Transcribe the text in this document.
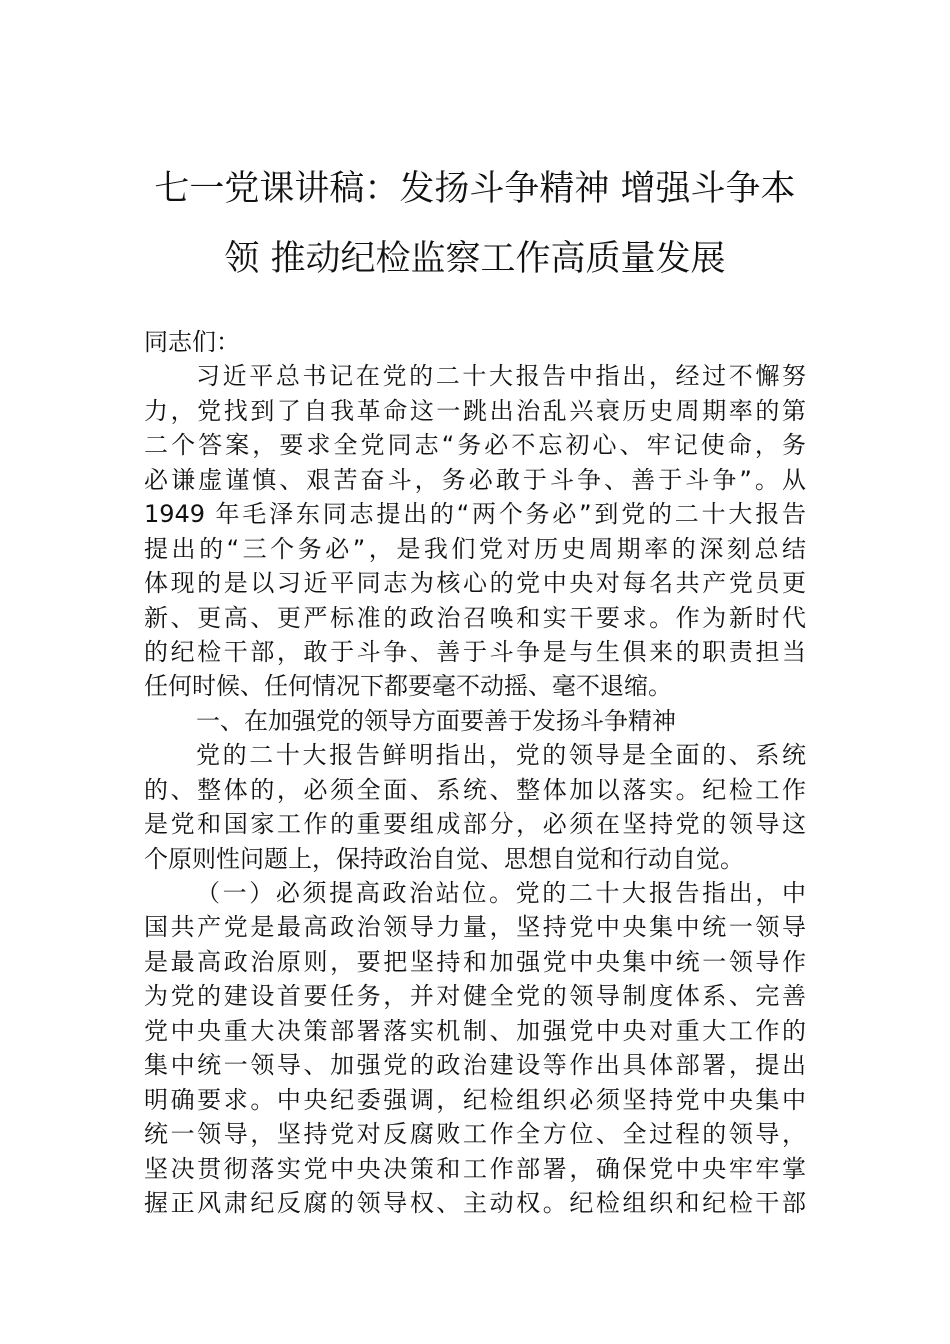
七一党课讲稿：发扬斗争精神 增强斗争本
领 推动纪检监察工作高质量发展
同志们：
习近平总书记在党的二十大报告中指出，经过不懈努
力，党找到了自我革命这一跳出治乱兴衰历史周期率的第
二个答案，要求全党同志“务必不忘初心、牢记使命，务
必谦虚谨慎、艰苦奋斗，务必敢于斗争、善于斗争”。从
1949 年毛泽东同志提出的“两个务必”到党的二十大报告
提出的“三个务必”，是我们党对历史周期率的深刻总结
体现的是以习近平同志为核心的党中央对每名共产党员更
新、更高、更严标准的政治召唤和实干要求。作为新时代
的纪检干部，敢于斗争、善于斗争是与生俱来的职责担当
任何时候、任何情况下都要毫不动摇、毫不退缩。
一、在加强党的领导方面要善于发扬斗争精神
党的二十大报告鲜明指出，党的领导是全面的、系统
的、整体的，必须全面、系统、整体加以落实。纪检工作
是党和国家工作的重要组成部分，必须在坚持党的领导这
个原则性问题上，保持政治自觉、思想自觉和行动自觉。
（一）必须提高政治站位。党的二十大报告指出，中
国共产党是最高政治领导力量，坚持党中央集中统一领导
是最高政治原则，要把坚持和加强党中央集中统一领导作
为党的建设首要任务，并对健全党的领导制度体系、完善
党中央重大决策部署落实机制、加强党中央对重大工作的
集中统一领导、加强党的政治建设等作出具体部署，提出
明确要求。中央纪委强调，纪检组织必须坚持党中央集中
统一领导，坚持党对反腐败工作全方位、全过程的领导，
坚决贯彻落实党中央决策和工作部署，确保党中央牢牢掌
握正风肃纪反腐的领导权、主动权。纪检组织和纪检干部
